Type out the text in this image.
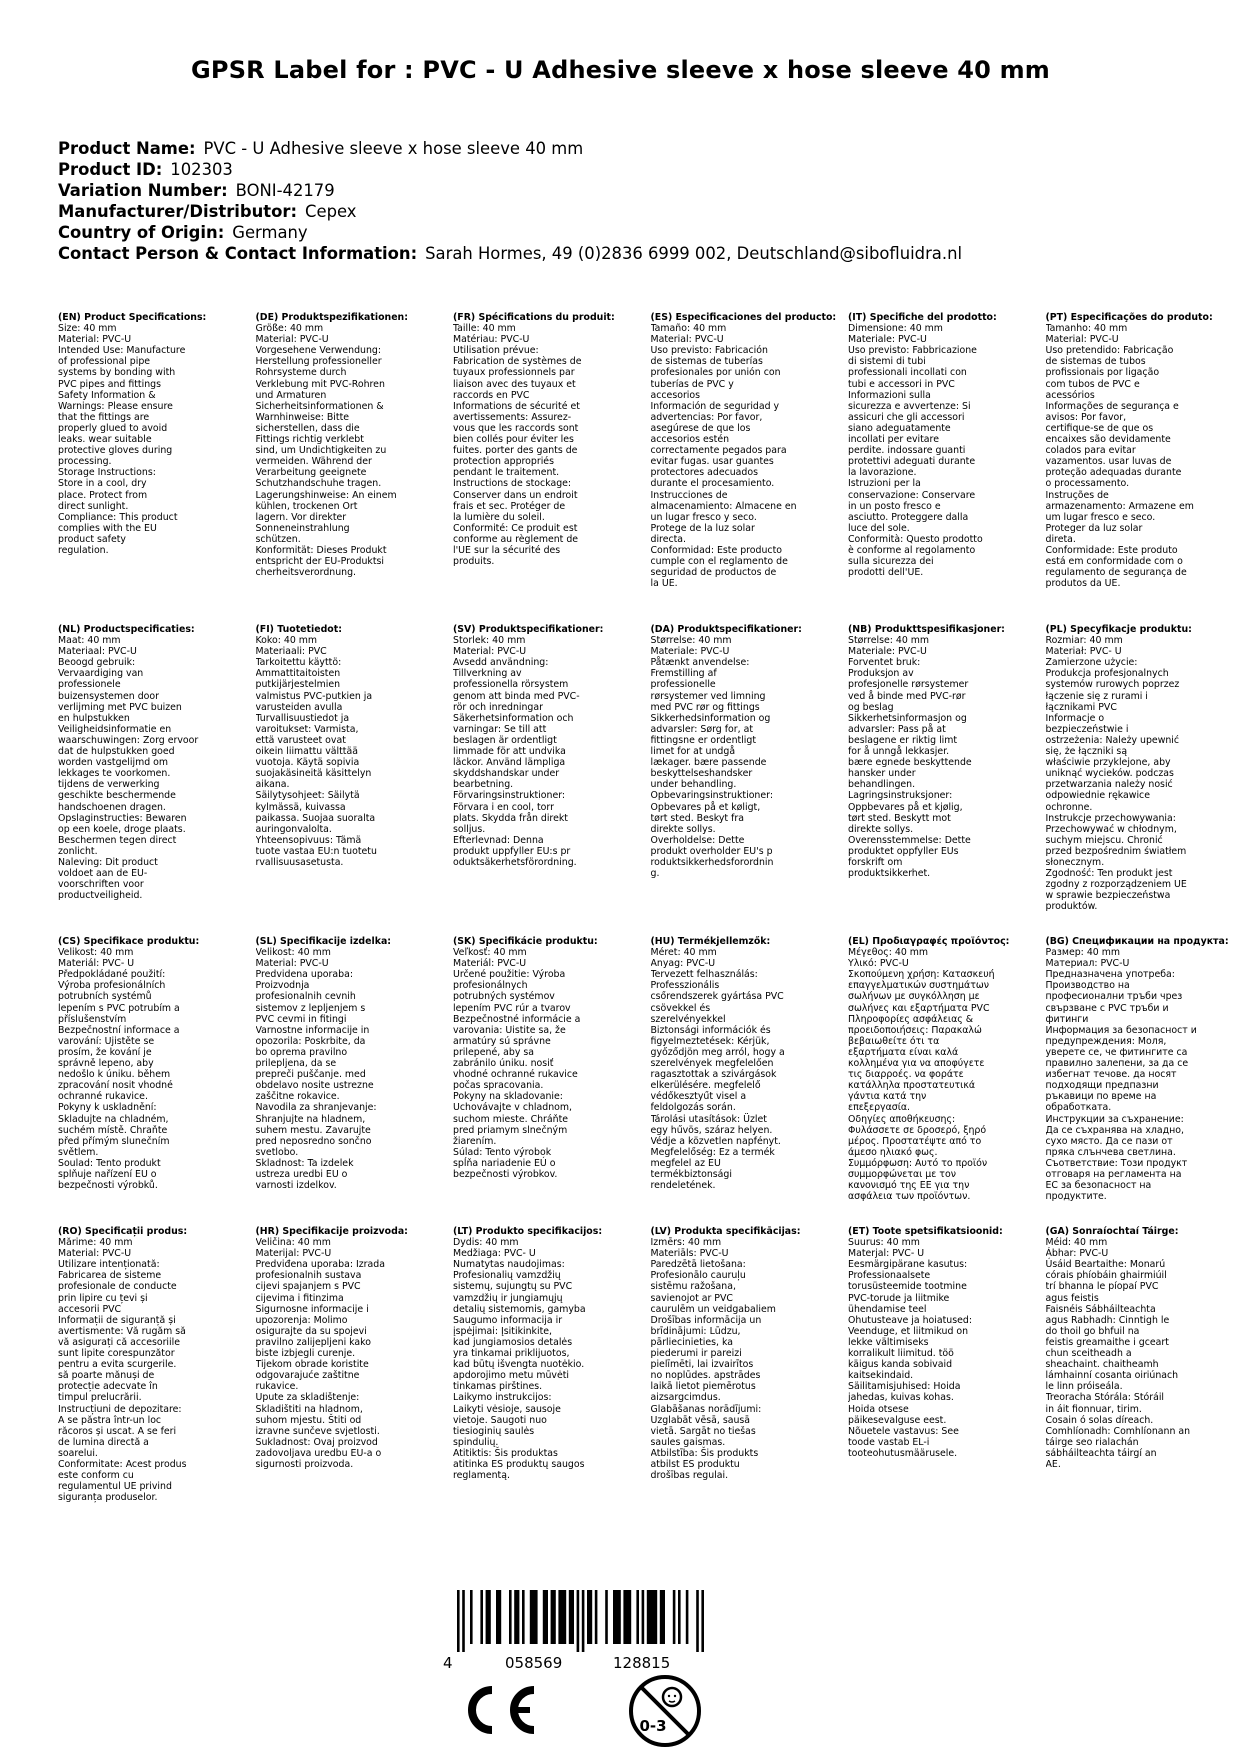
GPSR Label for : PVC - U Adhesive sleeve x hose sleeve 40 mm
Product Name: PVC - U Adhesive sleeve x hose sleeve 40 mm
Product ID: 102303
Variation Number: BONI-42179
Manufacturer/Distributor: Cepex
Country of Origin: Germany
Contact Person & Contact Information: Sarah Hormes, 49 (0)2836 6999 002, Deutschland@sibofluidra.nl
(EN) Product Specifications:
Size: 40 mm
Material: PVC-U
Intended Use: Manufacture
of professional pipe
systems by bonding with
PVC pipes and fittings
Safety Information &
Warnings: Please ensure
that the fittings are
properly glued to avoid
leaks. wear suitable
protective gloves during
processing.
Storage Instructions:
Store in a cool, dry
place. Protect from
direct sunlight.
Compliance: This product
complies with the EU
product safety
regulation.
(DE) Produktspezifikationen:
Größe: 40 mm
Material: PVC-U
Vorgesehene Verwendung:
Herstellung professioneller
Rohrsysteme durch
Verklebung mit PVC-Rohren
und Armaturen
Sicherheitsinformationen &
Warnhinweise: Bitte
sicherstellen, dass die
Fittings richtig verklebt
sind, um Undichtigkeiten zu
vermeiden. Während der
Verarbeitung geeignete
Schutzhandschuhe tragen.
Lagerungshinweise: An einem
kühlen, trockenen Ort
lagern. Vor direkter
Sonneneinstrahlung
schützen.
Konformität: Dieses Produkt
entspricht der EU-Produktsi
cherheitsverordnung.
(FR) Spécifications du produit:
Taille: 40 mm
Matériau: PVC-U
Utilisation prévue:
Fabrication de systèmes de
tuyaux professionnels par
liaison avec des tuyaux et
raccords en PVC
Informations de sécurité et
avertissements: Assurez-
vous que les raccords sont
bien collés pour éviter les
fuites. porter des gants de
protection appropriés
pendant le traitement.
Instructions de stockage:
Conserver dans un endroit
frais et sec. Protéger de
la lumière du soleil.
Conformité: Ce produit est
conforme au règlement de
l'UE sur la sécurité des
produits.
(ES) Especificaciones del producto:
Tamaño: 40 mm
Material: PVC-U
Uso previsto: Fabricación
de sistemas de tuberías
profesionales por unión con
tuberías de PVC y
accesorios
Información de seguridad y
advertencias: Por favor,
asegúrese de que los
accesorios estén
correctamente pegados para
evitar fugas. usar guantes
protectores adecuados
durante el procesamiento.
Instrucciones de
almacenamiento: Almacene en
un lugar fresco y seco.
Protege de la luz solar
directa.
Conformidad: Este producto
cumple con el reglamento de
seguridad de productos de
la UE.
(IT) Specifiche del prodotto:
Dimensione: 40 mm
Materiale: PVC-U
Uso previsto: Fabbricazione
di sistemi di tubi
professionali incollati con
tubi e accessori in PVC
Informazioni sulla
sicurezza e avvertenze: Si
assicuri che gli accessori
siano adeguatamente
incollati per evitare
perdite. indossare guanti
protettivi adeguati durante
la lavorazione.
Istruzioni per la
conservazione: Conservare
in un posto fresco e
asciutto. Proteggere dalla
luce del sole.
Conformità: Questo prodotto
è conforme al regolamento
sulla sicurezza dei
prodotti dell'UE.
(PT) Especificações do produto:
Tamanho: 40 mm
Material: PVC-U
Uso pretendido: Fabricação
de sistemas de tubos
profissionais por ligação
com tubos de PVC e
acessórios
Informações de segurança e
avisos: Por favor,
certifique-se de que os
encaixes são devidamente
colados para evitar
vazamentos. usar luvas de
proteção adequadas durante
o processamento.
Instruções de
armazenamento: Armazene em
um lugar fresco e seco.
Proteger da luz solar
direta.
Conformidade: Este produto
está em conformidade com o
regulamento de segurança de
produtos da UE.
(NL) Productspecificaties:
Maat: 40 mm
Materiaal: PVC-U
Beoogd gebruik:
Vervaardiging van
professionele
buizensystemen door
verlijming met PVC buizen
en hulpstukken
Veiligheidsinformatie en
waarschuwingen: Zorg ervoor
dat de hulpstukken goed
worden vastgelijmd om
lekkages te voorkomen.
tijdens de verwerking
geschikte beschermende
handschoenen dragen.
Opslaginstructies: Bewaren
op een koele, droge plaats.
Beschermen tegen direct
zonlicht.
Naleving: Dit product
voldoet aan de EU-
voorschriften voor
productveiligheid.
(FI) Tuotetiedot:
Koko: 40 mm
Materiaali: PVC
Tarkoitettu käyttö:
Ammattitaitoisten
putkijärjestelmien
valmistus PVC-putkien ja
varusteiden avulla
Turvallisuustiedot ja
varoitukset: Varmista,
että varusteet ovat
oikein liimattu välttää
vuotoja. Käytä sopivia
suojakäsineitä käsittelyn
aikana.
Säilytysohjeet: Säilytä
kylmässä, kuivassa
paikassa. Suojaa suoralta
auringonvalolta.
Yhteensopivuus: Tämä
tuote vastaa EU:n tuotetu
rvallisuusasetusta.
(SV) Produktspecifikationer:
Storlek: 40 mm
Material: PVC-U
Avsedd användning:
Tillverkning av
professionella rörsystem
genom att binda med PVC-
rör och inredningar
Säkerhetsinformation och
varningar: Se till att
beslagen är ordentligt
limmade för att undvika
läckor. Använd lämpliga
skyddshandskar under
bearbetning.
Förvaringsinstruktioner:
Förvara i en cool, torr
plats. Skydda från direkt
solljus.
Efterlevnad: Denna
produkt uppfyller EU:s pr
oduktsäkerhetsförordning.
(DA) Produktspecifikationer:
Størrelse: 40 mm
Materiale: PVC-U
Påtænkt anvendelse:
Fremstilling af
professionelle
rørsystemer ved limning
med PVC rør og fittings
Sikkerhedsinformation og
advarsler: Sørg for, at
fittingsne er ordentligt
limet for at undgå
lækager. bære passende
beskyttelseshandsker
under behandling.
Opbevaringsinstruktioner:
Opbevares på et køligt,
tørt sted. Beskyt fra
direkte sollys.
Overholdelse: Dette
produkt overholder EU's p
roduktsikkerhedsforordnin
g.
(NB) Produkttspesifikasjoner:
Størrelse: 40 mm
Materiale: PVC-U
Forventet bruk:
Produksjon av
profesjonelle rørsystemer
ved å binde med PVC-rør
og beslag
Sikkerhetsinformasjon og
advarsler: Pass på at
beslagene er riktig limt
for å unngå lekkasjer.
bære egnede beskyttende
hansker under
behandlingen.
Lagringsinstruksjoner:
Oppbevares på et kjølig,
tørt sted. Beskytt mot
direkte sollys.
Overensstemmelse: Dette
produktet oppfyller EUs
forskrift om
produktsikkerhet.
(PL) Specyfikacje produktu:
Rozmiar: 40 mm
Materiał: PVC- U
Zamierzone użycie:
Produkcja profesjonalnych
systemów rurowych poprzez
łączenie się z rurami i
łącznikami PVC
Informacje o
bezpieczeństwie i
ostrzeżenia: Należy upewnić
się, że łączniki są
właściwie przyklejone, aby
uniknąć wycieków. podczas
przetwarzania należy nosić
odpowiednie rękawice
ochronne.
Instrukcje przechowywania:
Przechowywać w chłodnym,
suchym miejscu. Chronić
przed bezpośrednim światłem
słonecznym.
Zgodność: Ten produkt jest
zgodny z rozporządzeniem UE
w sprawie bezpieczeństwa
produktów.
(CS) Specifikace produktu:
Velikost: 40 mm
Materiál: PVC- U
Předpokládané použití:
Výroba profesionálních
potrubních systémů
lepením s PVC potrubím a
příslušenstvím
Bezpečnostní informace a
varování: Ujistěte se
prosím, že kování je
správně lepeno, aby
nedošlo k úniku. během
zpracování nosit vhodné
ochranné rukavice.
Pokyny k uskladnění:
Skladujte na chladném,
suchém místě. Chraňte
před přímým slunečním
světlem.
Soulad: Tento produkt
splňuje nařízení EU o
bezpečnosti výrobků.
(SL) Specifikacije izdelka:
Velikost: 40 mm
Material: PVC-U
Predvidena uporaba:
Proizvodnja
profesionalnih cevnih
sistemov z lepljenjem s
PVC cevmi in fitingi
Varnostne informacije in
opozorila: Poskrbite, da
bo oprema pravilno
prilepljena, da se
prepreči puščanje. med
obdelavo nosite ustrezne
zaščitne rokavice.
Navodila za shranjevanje:
Shranjujte na hladnem,
suhem mestu. Zavarujte
pred neposredno sončno
svetlobo.
Skladnost: Ta izdelek
ustreza uredbi EU o
varnosti izdelkov.
(SK) Špecifikácie produktu:
Veľkosť: 40 mm
Materiál: PVC-U
Určené použitie: Výroba
profesionálnych
potrubných systémov
lepením PVC rúr a tvarov
Bezpečnostné informácie a
varovania: Uistite sa, že
armatúry sú správne
prilepené, aby sa
zabránilo úniku. nosiť
vhodné ochranné rukavice
počas spracovania.
Pokyny na skladovanie:
Uchovávajte v chladnom,
suchom mieste. Chráňte
pred priamym slnečným
žiarením.
Súlad: Tento výrobok
spĺňa nariadenie EÚ o
bezpečnosti výrobkov.
(HU) Termékjellemzők:
Méret: 40 mm
Anyag: PVC-U
Tervezett felhasználás:
Professzionális
csőrendszerek gyártása PVC
csövekkel és
szerelvényekkel
Biztonsági információk és
figyelmeztetések: Kérjük,
győződjön meg arról, hogy a
szerelvények megfelelően
ragasztottak a szivárgások
elkerülésére. megfelelő
védőkesztyűt visel a
feldolgozás során.
Tárolási utasítások: Üzlet
egy hűvös, száraz helyen.
Védje a közvetlen napfényt.
Megfelelőség: Ez a termék
megfelel az EU
termékbiztonsági
rendeletének.
(EL) Προδιαγραφές προϊόντος:
Μέγεθος: 40 mm
Υλικό: PVC-U
Σκοπούμενη χρήση: Κατασκευή
επαγγελματικών συστημάτων
σωλήνων με συγκόλληση με
σωλήνες και εξαρτήματα PVC
Πληροφορίες ασφάλειας &
προειδοποιήσεις: Παρακαλώ
βεβαιωθείτε ότι τα
εξαρτήματα είναι καλά
κολλημένα για να αποφύγετε
τις διαρροές. να φοράτε
κατάλληλα προστατευτικά
γάντια κατά την
επεξεργασία.
Οδηγίες αποθήκευσης:
Φυλάσσετε σε δροσερό, ξηρό
μέρος. Προστατέψτε από το
άμεσο ηλιακό φως.
Συμμόρφωση: Αυτό το προϊόν
συμμορφώνεται με τον
κανονισμό της ΕΕ για την
ασφάλεια των προϊόντων.
(BG) Спецификации на продукта:
Размер: 40 mm
Материал: PVC-U
Предназначена употреба:
Производство на
професионални тръби чрез
свързване с PVC тръби и
фитинги
Информация за безопасност и
предупреждения: Моля,
уверете се, че фитингите са
правилно залепени, за да се
избегнат течове. да носят
подходящи предпазни
ръкавици по време на
обработката.
Инструкции за съхранение:
Да се съхранява на хладно,
сухо място. Да се пази от
пряка слънчева светлина.
Съответствие: Този продукт
отговаря на регламента на
ЕС за безопасност на
продуктите.
(RO) Specificații produs:
Mărime: 40 mm
Material: PVC-U
Utilizare intenționată:
Fabricarea de sisteme
profesionale de conducte
prin lipire cu țevi și
accesorii PVC
Informații de siguranță și
avertismente: Vă rugăm să
vă asigurați că accesoriile
sunt lipite corespunzător
pentru a evita scurgerile.
să poarte mănuși de
protecție adecvate în
timpul prelucrării.
Instrucțiuni de depozitare:
A se păstra într-un loc
răcoros și uscat. A se feri
de lumina directă a
soarelui.
Conformitate: Acest produs
este conform cu
regulamentul UE privind
siguranța produselor.
(HR) Specifikacije proizvoda:
Veličina: 40 mm
Materijal: PVC-U
Predviđena uporaba: Izrada
profesionalnih sustava
cijevi spajanjem s PVC
cijevima i fitinzima
Sigurnosne informacije i
upozorenja: Molimo
osigurajte da su spojevi
pravilno zalijepljeni kako
biste izbjegli curenje.
Tijekom obrade koristite
odgovarajuće zaštitne
rukavice.
Upute za skladištenje:
Skladištiti na hladnom,
suhom mjestu. Štiti od
izravne sunčeve svjetlosti.
Sukladnost: Ovaj proizvod
zadovoljava uredbu EU-a o
sigurnosti proizvoda.
(LT) Produkto specifikacijos:
Dydis: 40 mm
Medžiaga: PVC- U
Numatytas naudojimas:
Profesionalių vamzdžių
sistemų, sujungtų su PVC
vamzdžių ir jungiamųjų
detalių sistemomis, gamyba
Saugumo informacija ir
įspėjimai: Įsitikinkite,
kad jungiamosios detalės
yra tinkamai priklijuotos,
kad būtų išvengta nuotėkio.
apdorojimo metu mūvėti
tinkamas pirštines.
Laikymo instrukcijos:
Laikyti vėsioje, sausoje
vietoje. Saugoti nuo
tiesioginių saulės
spindulių.
Atitiktis: Šis produktas
atitinka ES produktų saugos
reglamentą.
(LV) Produkta specifikācijas:
Izmērs: 40 mm
Materiāls: PVC-U
Paredzētā lietošana:
Profesionālo cauruļu
sistēmu ražošana,
savienojot ar PVC
caurulēm un veidgabaliem
Drošības informācija un
brīdinājumi: Lūdzu,
pārliecinieties, ka
piederumi ir pareizi
pielīmēti, lai izvairītos
no noplūdes. apstrādes
laikā lietot piemērotus
aizsargcimdus.
Glabāšanas norādījumi:
Uzglabāt vēsā, sausā
vietā. Sargāt no tiešas
saules gaismas.
Atbilstība: Šis produkts
atbilst ES produktu
drošības regulai.
(ET) Toote spetsifikatsioonid:
Suurus: 40 mm
Materjal: PVC- U
Eesmärgipärane kasutus:
Professionaalsete
torusüsteemide tootmine
PVC-torude ja liitmike
ühendamise teel
Ohutusteave ja hoiatused:
Veenduge, et liitmikud on
lekke vältimiseks
korralikult liimitud. töö
käigus kanda sobivaid
kaitsekindaid.
Säilitamisjuhised: Hoida
jahedas, kuivas kohas.
Hoida otsese
päikesevalguse eest.
Nõuetele vastavus: See
toode vastab EL-i
tooteohutusmäärusele.
(GA) Sonraíochtaí Táirge:
Méid: 40 mm
Ábhar: PVC-U
Úsáid Beartaithe: Monarú
córais phíobáin ghairmiúil
trí bhanna le píopaí PVC
agus feistis
Faisnéis Sábháilteachta
agus Rabhadh: Cinntigh le
do thoil go bhfuil na
feistis greamaithe i gceart
chun sceitheadh a
sheachaint. chaitheamh
lámhainní cosanta oiriúnach
le linn próiseála.
Treoracha Stórála: Stóráil
in áit fionnuar, tirim.
Cosain ó solas díreach.
Comhlíonadh: Comhlíonann an
táirge seo rialachán
sábháilteachta táirgí an
AE.
4	058569	128815
0-3
